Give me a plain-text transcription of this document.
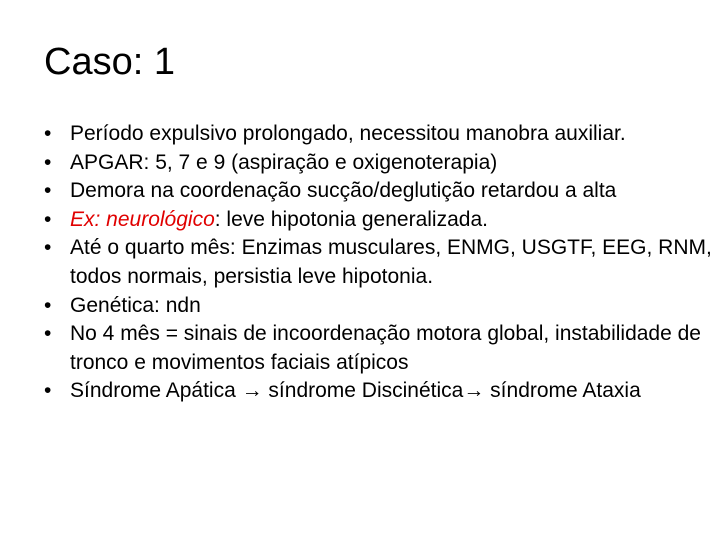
Caso: 1
• Período expulsivo prolongado, necessitou manobra auxiliar.
• APGAR: 5, 7 e 9 (aspiração e oxigenoterapia)
• Demora na coordenação sucção/deglutição retardou a alta
• Ex: neurológico: leve hipotonia generalizada.
• Até o quarto mês: Enzimas musculares, ENMG, USGTF, EEG, RNM, todos normais, persistia leve hipotonia.
• Genética: ndn
• No 4 mês = sinais de incoordenação motora global, instabilidade de tronco e movimentos faciais atípicos
• Síndrome Apática → síndrome Discinética→ síndrome Ataxia
